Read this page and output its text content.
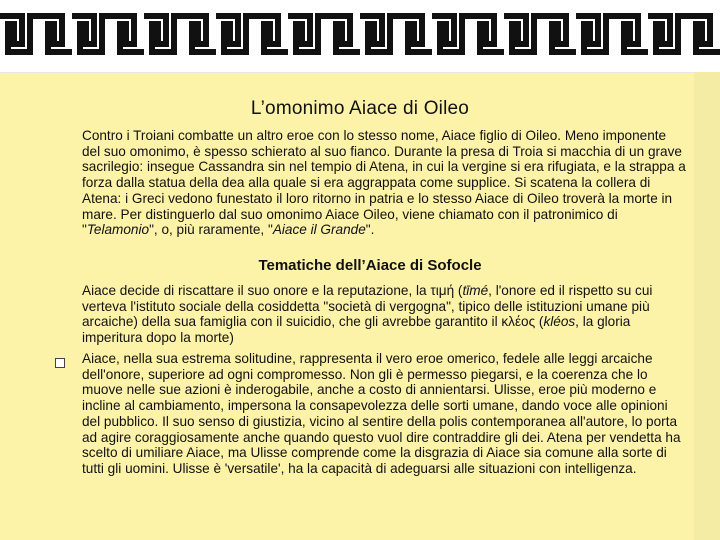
L’omonimo Aiace di Oileo

Contro i Troiani combatte un altro eroe con lo stesso nome, Aiace figlio di Oileo. Meno imponente del suo omonimo, è spesso schierato al suo fianco. Durante la presa di Troia si macchia di un grave sacrilegio: insegue Cassandra sin nel tempio di Atena, in cui la vergine si era rifugiata, e la strappa a forza dalla statua della dea alla quale si era aggrappata come supplice. Si scatena la collera di Atena: i Greci vedono funestato il loro ritorno in patria e lo stesso Aiace di Oileo troverà la morte in mare. Per distinguerlo dal suo omonimo Aiace Oileo, viene chiamato con il patronimico di "Telamonio", o, più raramente, "Aiace il Grande".

Tematiche dell’Aiace di Sofocle

Aiace decide di riscattare il suo onore e la reputazione, la τιμή (tīmé, l'onore ed il rispetto su cui verteva l'istituto sociale della cosiddetta "società di vergogna", tipico delle istituzioni umane più arcaiche) della sua famiglia con il suicidio, che gli avrebbe garantito il κλέος (kléos, la gloria imperitura dopo la morte)

Aiace, nella sua estrema solitudine, rappresenta il vero eroe omerico, fedele alle leggi arcaiche dell'onore, superiore ad ogni compromesso. Non gli è permesso piegarsi, e la coerenza che lo muove nelle sue azioni è inderogabile, anche a costo di annientarsi. Ulisse, eroe più moderno e incline al cambiamento, impersona la consapevolezza delle sorti umane, dando voce alle opinioni del pubblico. Il suo senso di giustizia, vicino al sentire della polis contemporanea all'autore, lo porta ad agire coraggiosamente anche quando questo vuol dire contraddire gli dei. Atena per vendetta ha scelto di umiliare Aiace, ma Ulisse comprende come la disgrazia di Aiace sia comune alla sorte di tutti gli uomini. Ulisse è 'versatile', ha la capacità di adeguarsi alle situazioni con intelligenza.
